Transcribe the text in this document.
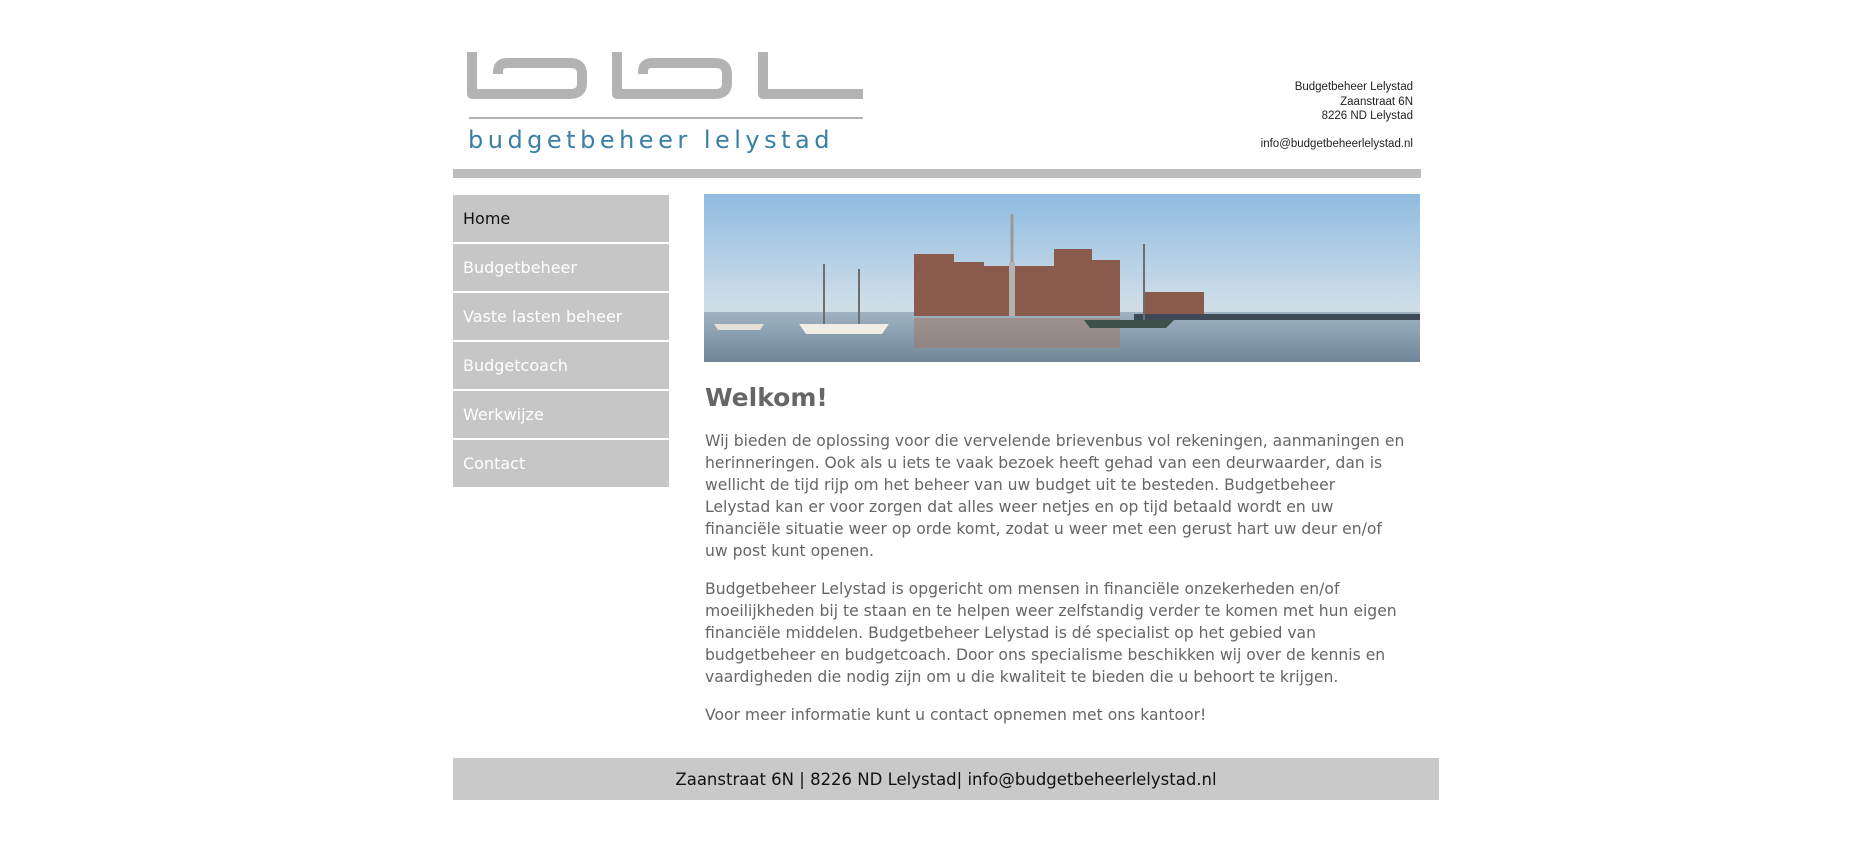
budgetbeheer lelystad
Budgetbeheer Lelystad
Zaanstraat 6N
8226 ND Lelystad
info@budgetbeheerlelystad.nl
Home
Budgetbeheer
Vaste lasten beheer
Budgetcoach
Werkwijze
Contact
Welkom!

Wij bieden de oplossing voor die vervelende brievenbus vol rekeningen, aanmaningen en herinneringen. Ook als u iets te vaak bezoek heeft gehad van een deurwaarder, dan is wellicht de tijd rijp om het beheer van uw budget uit te besteden. Budgetbeheer Lelystad kan er voor zorgen dat alles weer netjes en op tijd betaald wordt en uw financiële situatie weer op orde komt, zodat u weer met een gerust hart uw deur en/of uw post kunt openen.

Budgetbeheer Lelystad is opgericht om mensen in financiële onzekerheden en/of moeilijkheden bij te staan en te helpen weer zelfstandig verder te komen met hun eigen financiële middelen. Budgetbeheer Lelystad is dé specialist op het gebied van budgetbeheer en budgetcoach. Door ons specialisme beschikken wij over de kennis en vaardigheden die nodig zijn om u die kwaliteit te bieden die u behoort te krijgen.

Voor meer informatie kunt u contact opnemen met ons kantoor!

Zaanstraat 6N | 8226 ND Lelystad| info@budgetbeheerlelystad.nl
